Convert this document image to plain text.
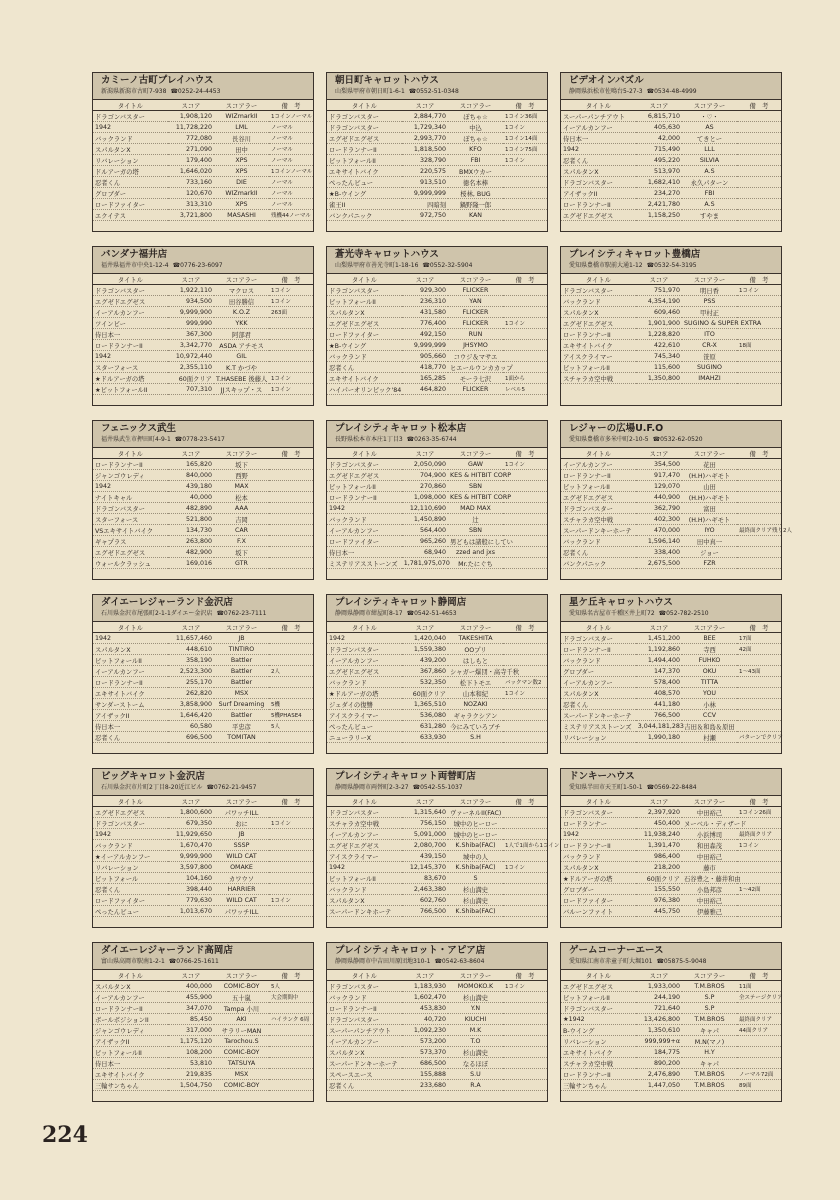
カミーノ古町プレイハウス
新潟県新潟市古町7-938 ☎0252-24-4453
タイトル	スコア	スコアラー	備　考
ドラゴンバスター	1,908,120	WIZmarkII	1コインノーマル
1942	11,728,220	LML	ノーマル
バックランド	772,080	長谷川	ノーマル
スパルタンX	271,090	田中	ノーマル
リバレーション	179,400	XPS	ノーマル
ドルアーガの塔	1,646,020	XPS	1コインノーマル
忍者くん	733,160	DIE	ノーマル
グロブダー	120,670	WIZmarkII	ノーマル
ロードファイター	313,310	XPS	ノーマル
エクイテス	3,721,800	MASASHI	残機44ノーマル
朝日町キャロットハウス
山梨県甲府市朝日町1-6-1 ☎0552-51-0348
タイトル	スコア	スコアラー	備　考
ドラゴンバスター	2,884,770	ぽちゃ☆	1コイン36面
ドラゴンバスター	1,729,340	中込	1コイン
エグゼドエグゼス	2,993,770	ぽちゃ☆	1コイン14面
ロードランナーII	1,818,500	KFO	1コイン75面
ピットフォールII	328,790	FBI	1コイン
エキサイトバイク	220,575	BMXウカー	
ぺったんピュー	913,510	徳名本棒	
★B-ウイング	9,999,999	桜林, BUG	
雀王II	四暗刻	鍋野隆一郎	
バンクパニック	972,750	KAN	
ビデオインパズル
静岡県浜松市佐鳴台5-27-3 ☎0534-48-4999
タイトル	スコア	スコアラー	備　考
スーパーパンチアウト	6,815,710	・♡・	
イーアルカンフー	405,630	AS	
侍日本一	42,000	てきとー	
1942	715,490	LLL	
忍者くん	495,220	SILVIA	
スパルタンX	513,970	A.S	
ドラゴンバスター	1,682,410	永久パターン	
アイザックII	234,270	FBI	
ロードランナーII	2,421,780	A.S	
エグゼドエグゼス	1,158,250	すやま	
バンダナ福井店
福井県福井市中央1-12-4 ☎0776-23-6097
タイトル	スコア	スコアラー	備　考
ドラゴンバスター	1,922,110	マクロス	1コイン
エグゼドエグゼス	934,500	田谷勝信	1コイン
イーアルカンフー	9,999,900	K.O.Z	263面
ツインビー	999,990	YKK	
侍日本一	367,300	阿部君	
ロードランナーII	3,342,770	ASDA アチモス	
1942	10,972,440	GIL	
スターフォース	2,355,110	K.T かづや	
★ドルアーガの塔	60面クリア	T.HASEBE 後藤人	1コイン
★ピットフォールII	707,310	JJスキップ・ス	1コイン
蒼光寺キャロットハウス
山梨県甲府市善光寺町1-18-16 ☎0552-32-5904
タイトル	スコア	スコアラー	備　考
ドラゴンバスター	929,300	FLICKER	
ピットフォールII	236,310	YAN	
スパルタンX	431,580	FLICKER	
エグゼドエグゼス	776,400	FLICKER	1コイン
ロードファイター	492,150	RUN	
★B-ウイング	9,999,999	JHSYMO	
バックランド	905,660	コウジ＆マサエ	
忍者くん	418,770	ヒエールウンカカップ	
エキサイトバイク	165,285	モーラ七沢	1面から
ハイパーオリンピック'84	464,820	FLICKER	レベル5
プレイシティキャロット豊橋店
愛知県豊橋市駅前大通1-12 ☎0532-54-3195
タイトル	スコア	スコアラー	備　考
ドラゴンバスター	751,970	明日香	1コイン
バックランド	4,354,190	PSS	
スパルタンX	609,460	甲村正	
エグゼドエグゼス	1,901,900	SUGINO & SUPER EXTRA	
ロードランナーII	1,228,820	ITO	
エキサイトバイク	422,610	CR-X	18面
アイスクライマー	745,340	笹原	
ピットフォールII	115,600	SUGINO	
スチャラカ空中戦	1,350,800	IMAHZI	
フェニックス武生
福井県武生市押田町4-9-1 ☎0778-23-5417
タイトル	スコア	スコアラー	備　考
ロードランナーII	165,820	坂下	
ジャンゴウレディ	840,000	西野	
1942	439,180	MAX	
ナイトキャル	40,000	松本	
ドラゴンバスター	482,890	AAA	
スターフォース	521,800	吉岡	
VSエキサイトバイク	134,730	CAR	
ギャプラス	263,800	F.X	
エグゼドエグゼス	482,900	坂下	
ウォールクラッシュ	169,016	GTR	
プレイシティキャロット松本店
長野県松本市本庄1丁目3 ☎0263-35-6744
タイトル	スコア	スコアラー	備　考
ドラゴンバスター	2,050,090	GAW	1コイン
エグゼドエグゼス	704,900	KES & HITBIT CORP	
ピットフォールII	270,860	SBN	
ロードランナーII	1,098,000	KES & HITBIT CORP	
1942	12,110,690	MAD MAX	
バックランド	1,450,890	辻	
イーアルカンフー	564,400	SBN	
ロードファイター	965,260	男どもは諸般にしてい	
侍日本一	68,940	zzed and jxs	
ミステリアスストーンズ	1,781,975,070	Mr.たにぐち	
レジャーの広場U.F.O
愛知県豊橋市多米中町2-10-5 ☎0532-62-0520
タイトル	スコア	スコアラー	備　考
イーアルカンフー	354,500	花田	
ロードランナーII	917,470	(H.H)ハギモト	
ピットフォールII	129,070	山田	
エグゼドエグゼス	440,900	(H.H)ハギモト	
ドラゴンバスター	362,790	富田	
スチャラカ空中戦	402,300	(H.H)ハギモト	
スーパードンキーホーテ	470,000	IYO	最終面クリア残り2人
バックランド	1,596,140	田中真一	
忍者くん	338,400	ジョー	
バンクパニック	2,675,500	FZR	
ダイエーレジャーランド金沢店
石川県金沢市尾張町2-1-1ダイエー金沢店 ☎0762-23-7111
タイトル	スコア	スコアラー	備　考
1942	11,657,460	JB	
スパルタンX	448,610	TINTIRO	
ピットフォールII	358,190	Battler	
イーアルカンフー	2,523,300	Battler	2人
ロードランナーII	255,170	Battler	
エキサイトバイク	262,820	MSX	
サンダーストーム	3,858,900	Surf Dreaming	5機
アイザックII	1,646,420	Battler	5機PHASE4
侍日本一	60,580	平忠彦	5人
忍者くん	696,500	TOMITAN	
プレイシティキャロット静岡店
静岡県静岡市紺屋町8-17 ☎0542-51-4653
タイトル	スコア	スコアラー	備　考
1942	1,420,040	TAKESHITA	
ドラゴンバスター	1,559,380	OOプリ	
イーアルカンフー	439,200	はしもと	
エグゼドエグゼス	367,860	シャガー爆団・高寺千秋	
バックランド	532,350	松下トモエ	バックマン数2
★ドルアーガの塔	60面クリア	山本和紀	1コイン
ジェダイの復讐	1,365,510	NOZAKI	
アイスクライマー	536,080	ギャラクシアン	
ぺったんピュー	631,280	今にみていろブチ	
ニューラリーX	633,930	S.H	
星ケ丘キャロットハウス
愛知県名古屋市千種区井上町72 ☎052-782-2510
タイトル	スコア	スコアラー	備　考
ドラゴンバスター	1,451,200	BEE	17面
ロードランナーII	1,192,860	寺西	42面
バックランド	1,494,400	FUHKO	
グロブダー	147,370	OKU	1〜43面
イーアルカンフー	578,400	TITTA	
スパルタンX	408,570	YOU	
忍者くん	441,180	小林	
スーパードンキーホーテ	766,500	CCV	
ミステリアスストーンズ	3,044,181,283	吉田＆和島＆原田	
リバレーション	1,990,180	村瀬	パターンでクリア
ビッグキャロット金沢店
石川県金沢市片町2丁目8-20近江ビル ☎0762-21-9457
タイトル	スコア	スコアラー	備　考
エグゼドエグゼス	1,800,600	パワッチILL	
ドラゴンバスター	679,350	おに	1コイン
1942	11,929,650	JB	
バックランド	1,670,470	SSSP	
★イーアルカンフー	9,999,900	WILD CAT	
リバレーション	3,597,800	OMAKE	
ピットフォール	104,160	カワウソ	
忍者くん	398,440	HARRIER	
ロードファイター	779,630	WILD CAT	1コイン
ぺったんピュー	1,013,670	パワッチILL	
プレイシティキャロット両替町店
静岡県静岡市両替町2-3-27 ☎0542-55-1037
タイトル	スコア	スコアラー	備　考
ドラゴンバスター	1,315,640	ヴァーネルII(FAC)	
スチャラカ空中戦	756,150	城中のヒーロー	
イーアルカンフー	5,091,000	城中のヒーロー	
エグゼドエグゼス	2,080,700	K.Shiba(FAC)	1人で1面から1コイン
アイスクライマー	439,150	城中の人	
1942	12,145,370	K.Shiba(FAC)	1コイン
ピットフォールII	83,670	S	
バックランド	2,463,380	杉山満史	
スパルタンX	602,760	杉山満史	
スーパードンキホーテ	766,500	K.Shiba(FAC)	
ドンキーハウス
愛知県半田市天王町1-50-1 ☎0569-22-8484
タイトル	スコア	スコアラー	備　考
ドラゴンバスター	2,397,920	中田裕己	1コイン26面
ロードランナー	450,400	ヌーベル・ディザード	
1942	11,938,240	小浜博司	最終面クリア
ロードランナーII	1,391,470	和田森茂	1コイン
バックランド	986,400	中田裕己	
スパルタンX	218,200	藤市	
★ドルアーガの塔	60面クリア	石谷豊之・藤井和由	
グロブダー	155,550	小島邦彦	1〜42面
ロードファイター	976,380	中田裕己	
バルーンファイト	445,750	伊藤雅己	
ダイエーレジャーランド高岡店
富山県高岡市駅南1-2-1 ☎0766-25-1611
タイトル	スコア	スコアラー	備　考
スパルタンX	400,000	COMIC-BOY	5人
イーアルカンフー	455,900	五十嵐	大会期間中
ロードランナーII	347,070	Tampa 小川	
ボールボジションII	85,450	AKI	ハイランク 6周
ジャンゴウレディ	317,000	サラリーMAN	
アイザックII	1,175,120	Tarochou.S	
ピットフォールII	108,200	COMIC-BOY	
侍日本一	53,810	TATSUYA	
エキサイトバイク	219,835	MSX	
三輪サンちゃん	1,504,750	COMIC-BOY	
プレイシティキャロット・アピア店
静岡県静岡市中吉田川原団地310-1 ☎0542-63-8604
タイトル	スコア	スコアラー	備　考
ドラゴンバスター	1,183,930	MOMOKO.K	1コイン
バックランド	1,602,470	杉山満史	
ロードランナーII	453,830	Y.N	
ドラゴンバスター	40,720	KIUCHI	
スーパーパンチアウト	1,092,230	M.K	
イーアルカンフー	573,200	T.O	
スパルタンX	573,370	杉山満史	
スーパードンキーホーテ	686,500	なるほぼ	
スペースエース	155,888	S.U	
忍者くん	233,680	R.A	
ゲームコーナーエース
愛知県江南市赤童子町大堀101 ☎05875-5-9048
タイトル	スコア	スコアラー	備　考
エグゼドエグゼス	1,933,000	T.M.BROS	11面
ピットフォールII	244,190	S.P	全ステージクリア
ドラゴンバスター	721,640	S.P	
★1942	13,426,800	T.M.BROS	最終面クリア
B-ウイング	1,350,610	キャパ	44面クリア
リバレーション	999,999+α	M.N(マノ)	
エキサイトバイク	184,775	H.Y	
スチャラカ空中戦	890,200	キャパ	
ロードランナーII	2,476,890	T.M.BROS	ノーマル72面
三輪サンちゃん	1,447,050	T.M.BROS	89面
224
